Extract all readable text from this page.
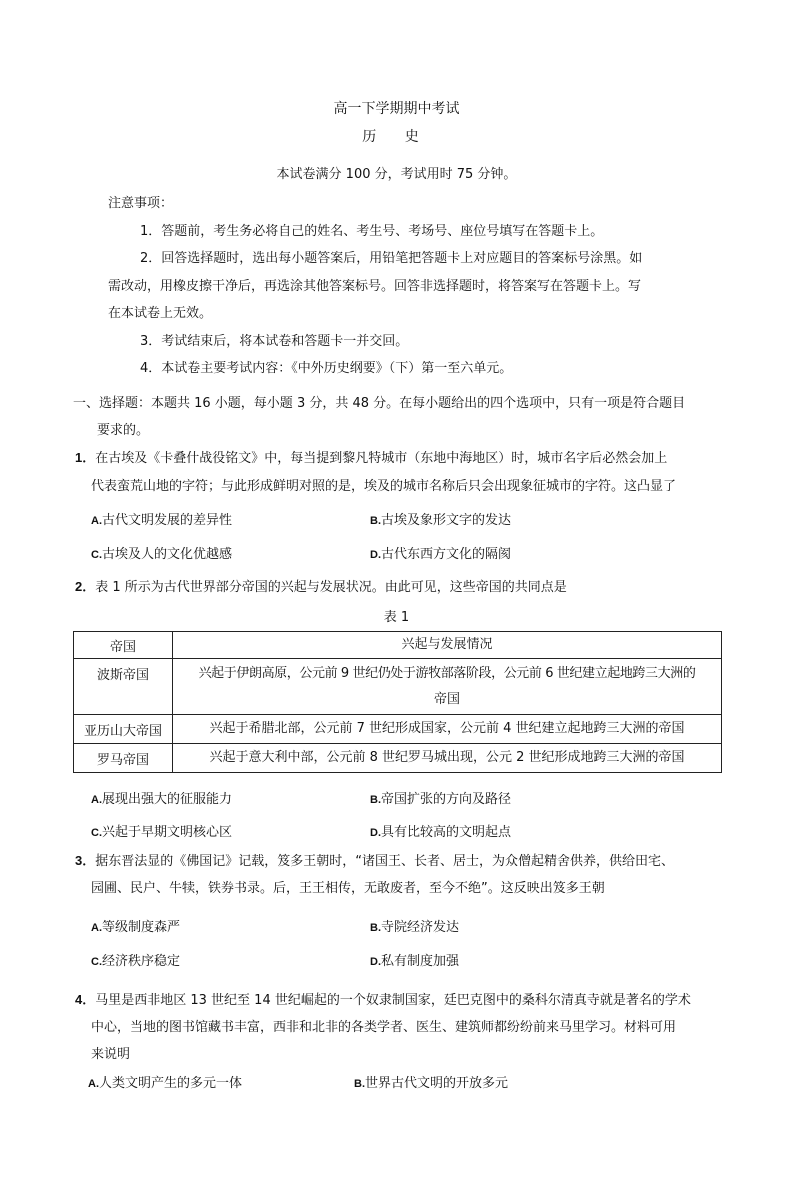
高一下学期期中考试
历 史
本试卷满分 100 分，考试用时 75 分钟。
注意事项：
1．答题前，考生务必将自己的姓名、考生号、考场号、座位号填写在答题卡上。
2．回答选择题时，选出每小题答案后，用铅笔把答题卡上对应题目的答案标号涂黑。如
需改动，用橡皮擦干净后，再选涂其他答案标号。回答非选择题时，将答案写在答题卡上。写
在本试卷上无效。
3．考试结束后，将本试卷和答题卡一并交回。
4．本试卷主要考试内容：《中外历史纲要》（下）第一至六单元。
一、选择题：本题共 16 小题，每小题 3 分，共 48 分。在每小题给出的四个选项中，只有一项是符合题目
要求的。
1．在古埃及《卡叠什战役铭文》中，每当提到黎凡特城市（东地中海地区）时，城市名字后必然会加上
代表蛮荒山地的字符；与此形成鲜明对照的是，埃及的城市名称后只会出现象征城市的字符。这凸显了
A.古代文明发展的差异性	B.古埃及象形文字的发达
C.古埃及人的文化优越感	D.古代东西方文化的隔阂
2．表 1 所示为古代世界部分帝国的兴起与发展状况。由此可见，这些帝国的共同点是
表 1
帝国	兴起与发展情况
波斯帝国	兴起于伊朗高原，公元前 9 世纪仍处于游牧部落阶段，公元前 6 世纪建立起地跨三大洲的
帝国

亚历山大帝国	兴起于希腊北部，公元前 7 世纪形成国家，公元前 4 世纪建立起地跨三大洲的帝国
罗马帝国	兴起于意大利中部，公元前 8 世纪罗马城出现，公元 2 世纪形成地跨三大洲的帝国
A.展现出强大的征服能力	B.帝国扩张的方向及路径
C.兴起于早期文明核心区	D.具有比较高的文明起点
3．据东晋法显的《佛国记》记载，笈多王朝时，“诸国王、长者、居士，为众僧起精舍供养，供给田宅、
园圃、民户、牛犊，铁券书录。后，王王相传，无敢废者，至今不绝”。这反映出笈多王朝
A.等级制度森严	B.寺院经济发达
C.经济秩序稳定	D.私有制度加强
4．马里是西非地区 13 世纪至 14 世纪崛起的一个奴隶制国家，廷巴克图中的桑科尔清真寺就是著名的学术
中心，当地的图书馆藏书丰富，西非和北非的各类学者、医生、建筑师都纷纷前来马里学习。材料可用
来说明
A.人类文明产生的多元一体	B.世界古代文明的开放多元
